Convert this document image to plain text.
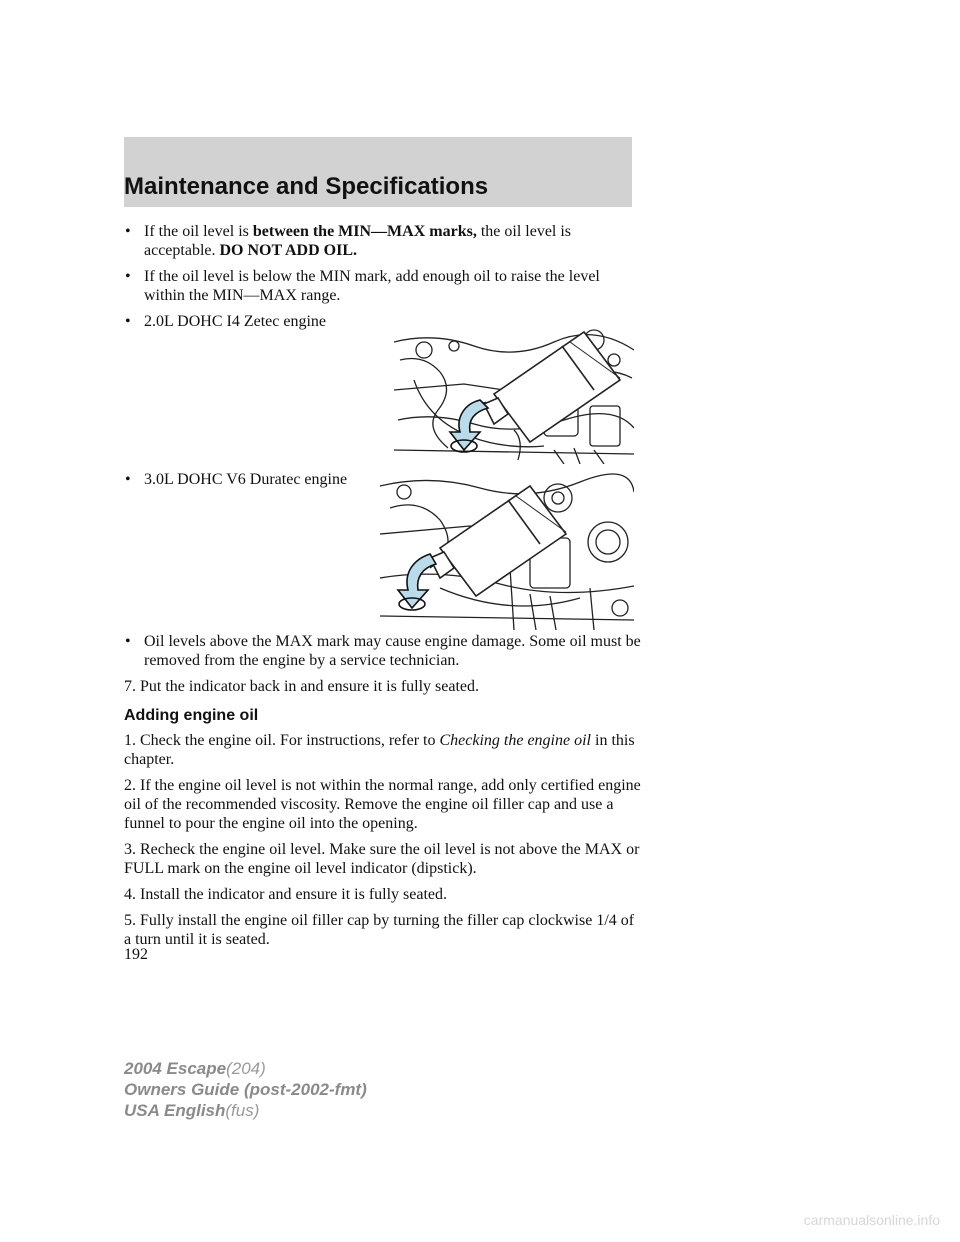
Maintenance and Specifications
• If the oil level is between the MIN—MAX marks, the oil level is acceptable. DO NOT ADD OIL.
• If the oil level is below the MIN mark, add enough oil to raise the level within the MIN—MAX range.
• 2.0L DOHC I4 Zetec engine
• 3.0L DOHC V6 Duratec engine
• Oil levels above the MAX mark may cause engine damage. Some oil must be removed from the engine by a service technician.
7. Put the indicator back in and ensure it is fully seated.
Adding engine oil
1. Check the engine oil. For instructions, refer to Checking the engine oil in this chapter.
2. If the engine oil level is not within the normal range, add only certified engine oil of the recommended viscosity. Remove the engine oil filler cap and use a funnel to pour the engine oil into the opening.
3. Recheck the engine oil level. Make sure the oil level is not above the MAX or FULL mark on the engine oil level indicator (dipstick).
4. Install the indicator and ensure it is fully seated.
5. Fully install the engine oil filler cap by turning the filler cap clockwise 1/4 of a turn until it is seated.
192
2004 Escape(204)
Owners Guide (post-2002-fmt)
USA English(fus)
carmanualsonline.info
